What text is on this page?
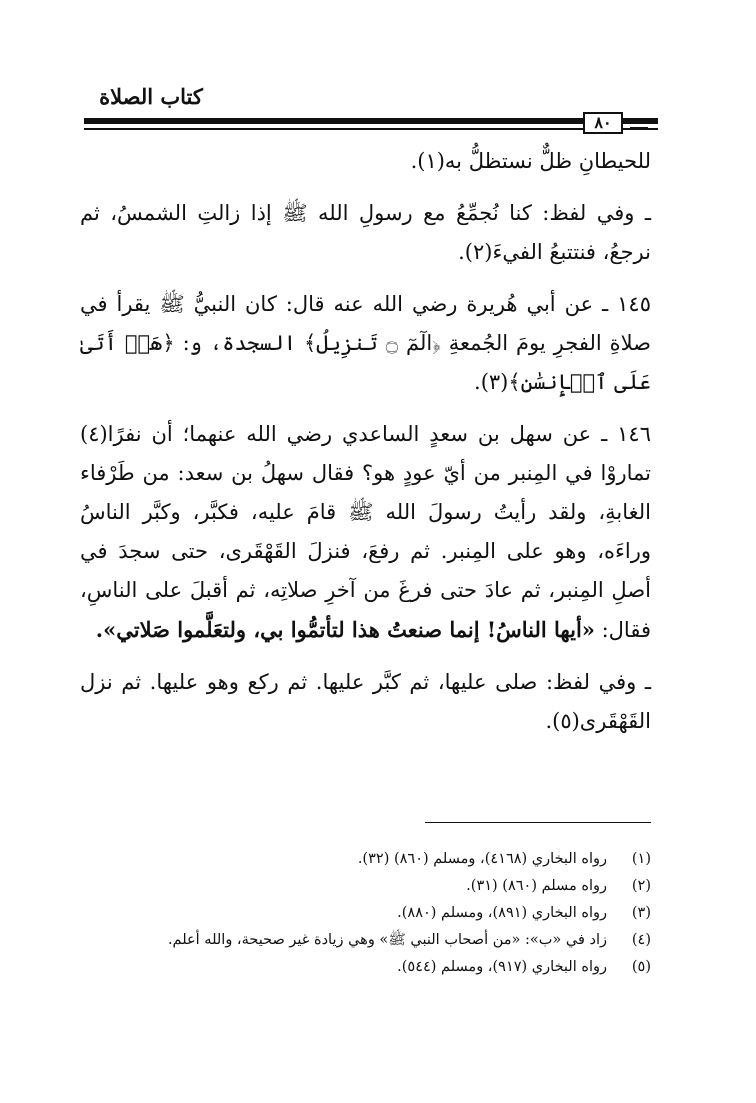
كتاب الصلاة
٨٠

للحيطانِ ظلٌّ نستظلُّ به(١).

ـ وفي لفظ: كنا نُجمِّعُ مع رسولِ الله ﷺ إذا زالتِ الشمسُ، ثم نرجعُ، فنتتبعُ الفيءَ(٢).

١٤٥ ـ عن أبي هُريرة رضي الله عنه قال: كان النبيُّ ﷺ يقرأ في صلاةِ الفجرِ يومَ الجُمعةِ ﴿الٓمٓ ۝ تَنزِيلُ﴾ السجدة، و: ﴿هَلۡ أَتَىٰ عَلَى ٱلۡإِنسَٰنِ﴾(٣).

١٤٦ ـ عن سهل بن سعدٍ الساعدي رضي الله عنهما؛ أن نفرًا(٤) تماروْا في المِنبر من أيّ عودٍ هو؟ فقال سهلُ بن سعد: من طَرْفاء الغابةِ، ولقد رأيتُ رسولَ الله ﷺ قامَ عليه، فكبَّر، وكبَّر الناسُ وراءَه، وهو على المِنبر. ثم رفعَ، فنزلَ القَهْقَرى، حتى سجدَ في أصلِ المِنبر، ثم عادَ حتى فرغَ من آخرِ صلاتِه، ثم أقبلَ على الناسِ، فقال: «أيها الناسُ! إنما صنعتُ هذا لتأتمُّوا بي، ولتعَلَّموا صَلاتي».

ـ وفي لفظ: صلى عليها، ثم كبَّر عليها. ثم ركع وهو عليها. ثم نزل القَهْقَرى(٥).

(١)رواه البخاري (٤١٦٨)، ومسلم (٨٦٠) (٣٢).
(٢)رواه مسلم (٨٦٠) (٣١).
(٣)رواه البخاري (٨٩١)، ومسلم (٨٨٠).
(٤)زاد في «ب»: «من أصحاب النبي ﷺ» وهي زيادة غير صحيحة، والله أعلم.
(٥)رواه البخاري (٩١٧)، ومسلم (٥٤٤).
